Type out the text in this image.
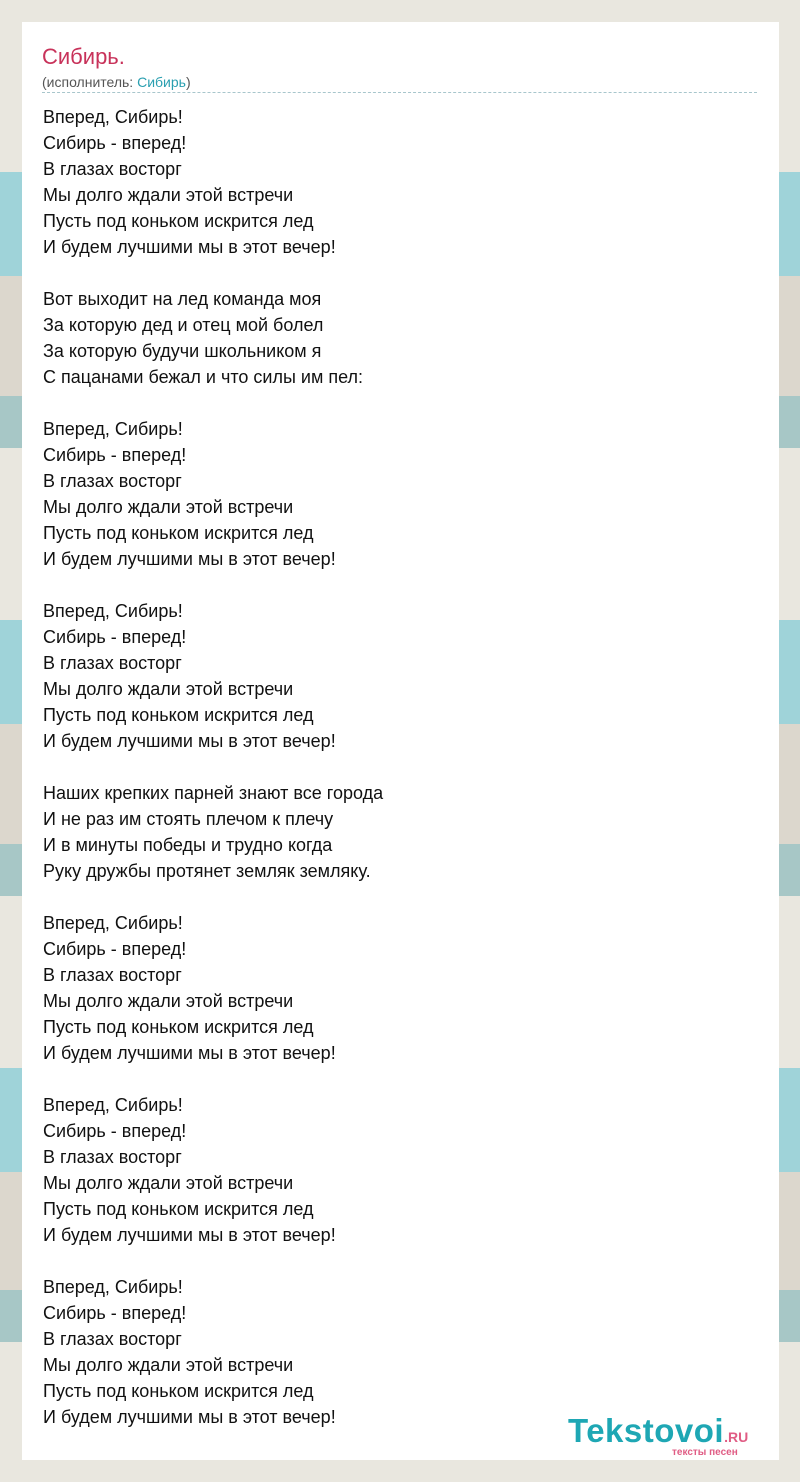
Сибирь.
(исполнитель: Сибирь)
Вперед, Сибирь!
Сибирь - вперед!
В глазах восторг
Мы долго ждали этой встречи
Пусть под коньком искрится лед
И будем лучшими мы в этот вечер!
Вот выходит на лед команда моя
За которую дед и отец мой болел
За которую будучи школьником я
С пацанами бежал и что силы им пел:
Вперед, Сибирь!
Сибирь - вперед!
В глазах восторг
Мы долго ждали этой встречи
Пусть под коньком искрится лед
И будем лучшими мы в этот вечер!
Вперед, Сибирь!
Сибирь - вперед!
В глазах восторг
Мы долго ждали этой встречи
Пусть под коньком искрится лед
И будем лучшими мы в этот вечер!
Наших крепких парней знают все города
И не раз им стоять плечом к плечу
И в минуты победы и трудно когда
Руку дружбы протянет земляк земляку.
Вперед, Сибирь!
Сибирь - вперед!
В глазах восторг
Мы долго ждали этой встречи
Пусть под коньком искрится лед
И будем лучшими мы в этот вечер!
Вперед, Сибирь!
Сибирь - вперед!
В глазах восторг
Мы долго ждали этой встречи
Пусть под коньком искрится лед
И будем лучшими мы в этот вечер!
Вперед, Сибирь!
Сибирь - вперед!
В глазах восторг
Мы долго ждали этой встречи
Пусть под коньком искрится лед
И будем лучшими мы в этот вечер!	Tekstovoi.RU
тексты песен
